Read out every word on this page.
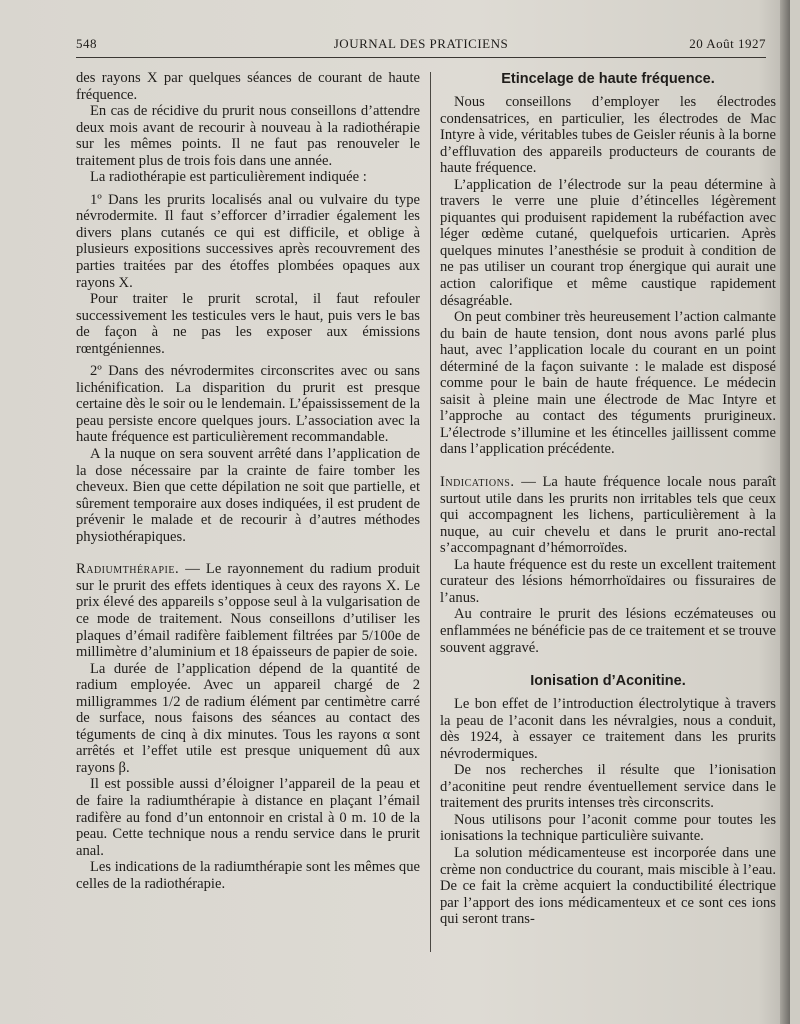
548	JOURNAL DES PRATICIENS	20 Août 1927

des rayons X par quelques séances de courant de haute fréquence.

En cas de récidive du prurit nous conseillons d’attendre deux mois avant de recourir à nouveau à la radiothérapie sur les mêmes points. Il ne faut pas renouveler le traitement plus de trois fois dans une année.

La radiothérapie est particulièrement indiquée :

1º Dans les prurits localisés anal ou vulvaire du type névrodermite. Il faut s’efforcer d’irradier également les divers plans cutanés ce qui est difficile, et oblige à plusieurs expositions successives après recouvrement des parties traitées par des étoffes plombées opaques aux rayons X.

Pour traiter le prurit scrotal, il faut refouler successivement les testicules vers le haut, puis vers le bas de façon à ne pas les exposer aux émissions rœntgéniennes.

2º Dans des névrodermites circonscrites avec ou sans lichénification. La disparition du prurit est presque certaine dès le soir ou le lendemain. L’épaississement de la peau persiste encore quelques jours. L’association avec la haute fréquence est particulièrement recommandable.

A la nuque on sera souvent arrêté dans l’application de la dose nécessaire par la crainte de faire tomber les cheveux. Bien que cette dépilation ne soit que partielle, et sûrement temporaire aux doses indiquées, il est prudent de prévenir le malade et de recourir à d’autres méthodes physiothérapiques.

Radiumthérapie. — Le rayonnement du radium produit sur le prurit des effets identiques à ceux des rayons X. Le prix élevé des appareils s’oppose seul à la vulgarisation de ce mode de traitement. Nous conseillons d’utiliser les plaques d’émail radifère faiblement filtrées par 5/100e de millimètre d’aluminium et 18 épaisseurs de papier de soie.

La durée de l’application dépend de la quantité de radium employée. Avec un appareil chargé de 2 milligrammes 1/2 de radium élément par centimètre carré de surface, nous faisons des séances au contact des téguments de cinq à dix minutes. Tous les rayons α sont arrêtés et l’effet utile est presque uniquement dû aux rayons β.

Il est possible aussi d’éloigner l’appareil de la peau et de faire la radiumthérapie à distance en plaçant l’émail radifère au fond d’un entonnoir en cristal à 0 m. 10 de la peau. Cette technique nous a rendu service dans le prurit anal.

Les indications de la radiumthérapie sont les mêmes que celles de la radiothérapie.

Etincelage de haute fréquence.

Nous conseillons d’employer les électrodes condensatrices, en particulier, les électrodes de Mac Intyre à vide, véritables tubes de Geisler réunis à la borne d’effluvation des appareils producteurs de courants de haute fréquence.

L’application de l’électrode sur la peau détermine à travers le verre une pluie d’étincelles légèrement piquantes qui produisent rapidement la rubéfaction avec léger œdème cutané, quelquefois urticarien. Après quelques minutes l’anesthésie se produit à condition de ne pas utiliser un courant trop énergique qui aurait une action calorifique et même caustique rapidement désagréable.

On peut combiner très heureusement l’action calmante du bain de haute tension, dont nous avons parlé plus haut, avec l’application locale du courant en un point déterminé de la façon suivante : le malade est disposé comme pour le bain de haute fréquence. Le médecin saisit à pleine main une électrode de Mac Intyre et l’approche au contact des téguments prurigineux. L’électrode s’illumine et les étincelles jaillissent comme dans l’application précédente.

Indications. — La haute fréquence locale nous paraît surtout utile dans les prurits non irritables tels que ceux qui accompagnent les lichens, particulièrement à la nuque, au cuir chevelu et dans le prurit ano-rectal s’accompagnant d’hémorroïdes.

La haute fréquence est du reste un excellent traitement curateur des lésions hémorrhoïdaires ou fissuraires de l’anus.

Au contraire le prurit des lésions eczémateuses ou enflammées ne bénéficie pas de ce traitement et se trouve souvent aggravé.

Ionisation d’Aconitine.

Le bon effet de l’introduction électrolytique à travers la peau de l’aconit dans les névralgies, nous a conduit, dès 1924, à essayer ce traitement dans les prurits névrodermiques.

De nos recherches il résulte que l’ionisation d’aconitine peut rendre éventuellement service dans le traitement des prurits intenses très circonscrits.

Nous utilisons pour l’aconit comme pour toutes les ionisations la technique particulière suivante.

La solution médicamenteuse est incorporée dans une crème non conductrice du courant, mais miscible à l’eau. De ce fait la crème acquiert la conductibilité électrique par l’apport des ions médicamenteux et ce sont ces ions qui seront trans-
